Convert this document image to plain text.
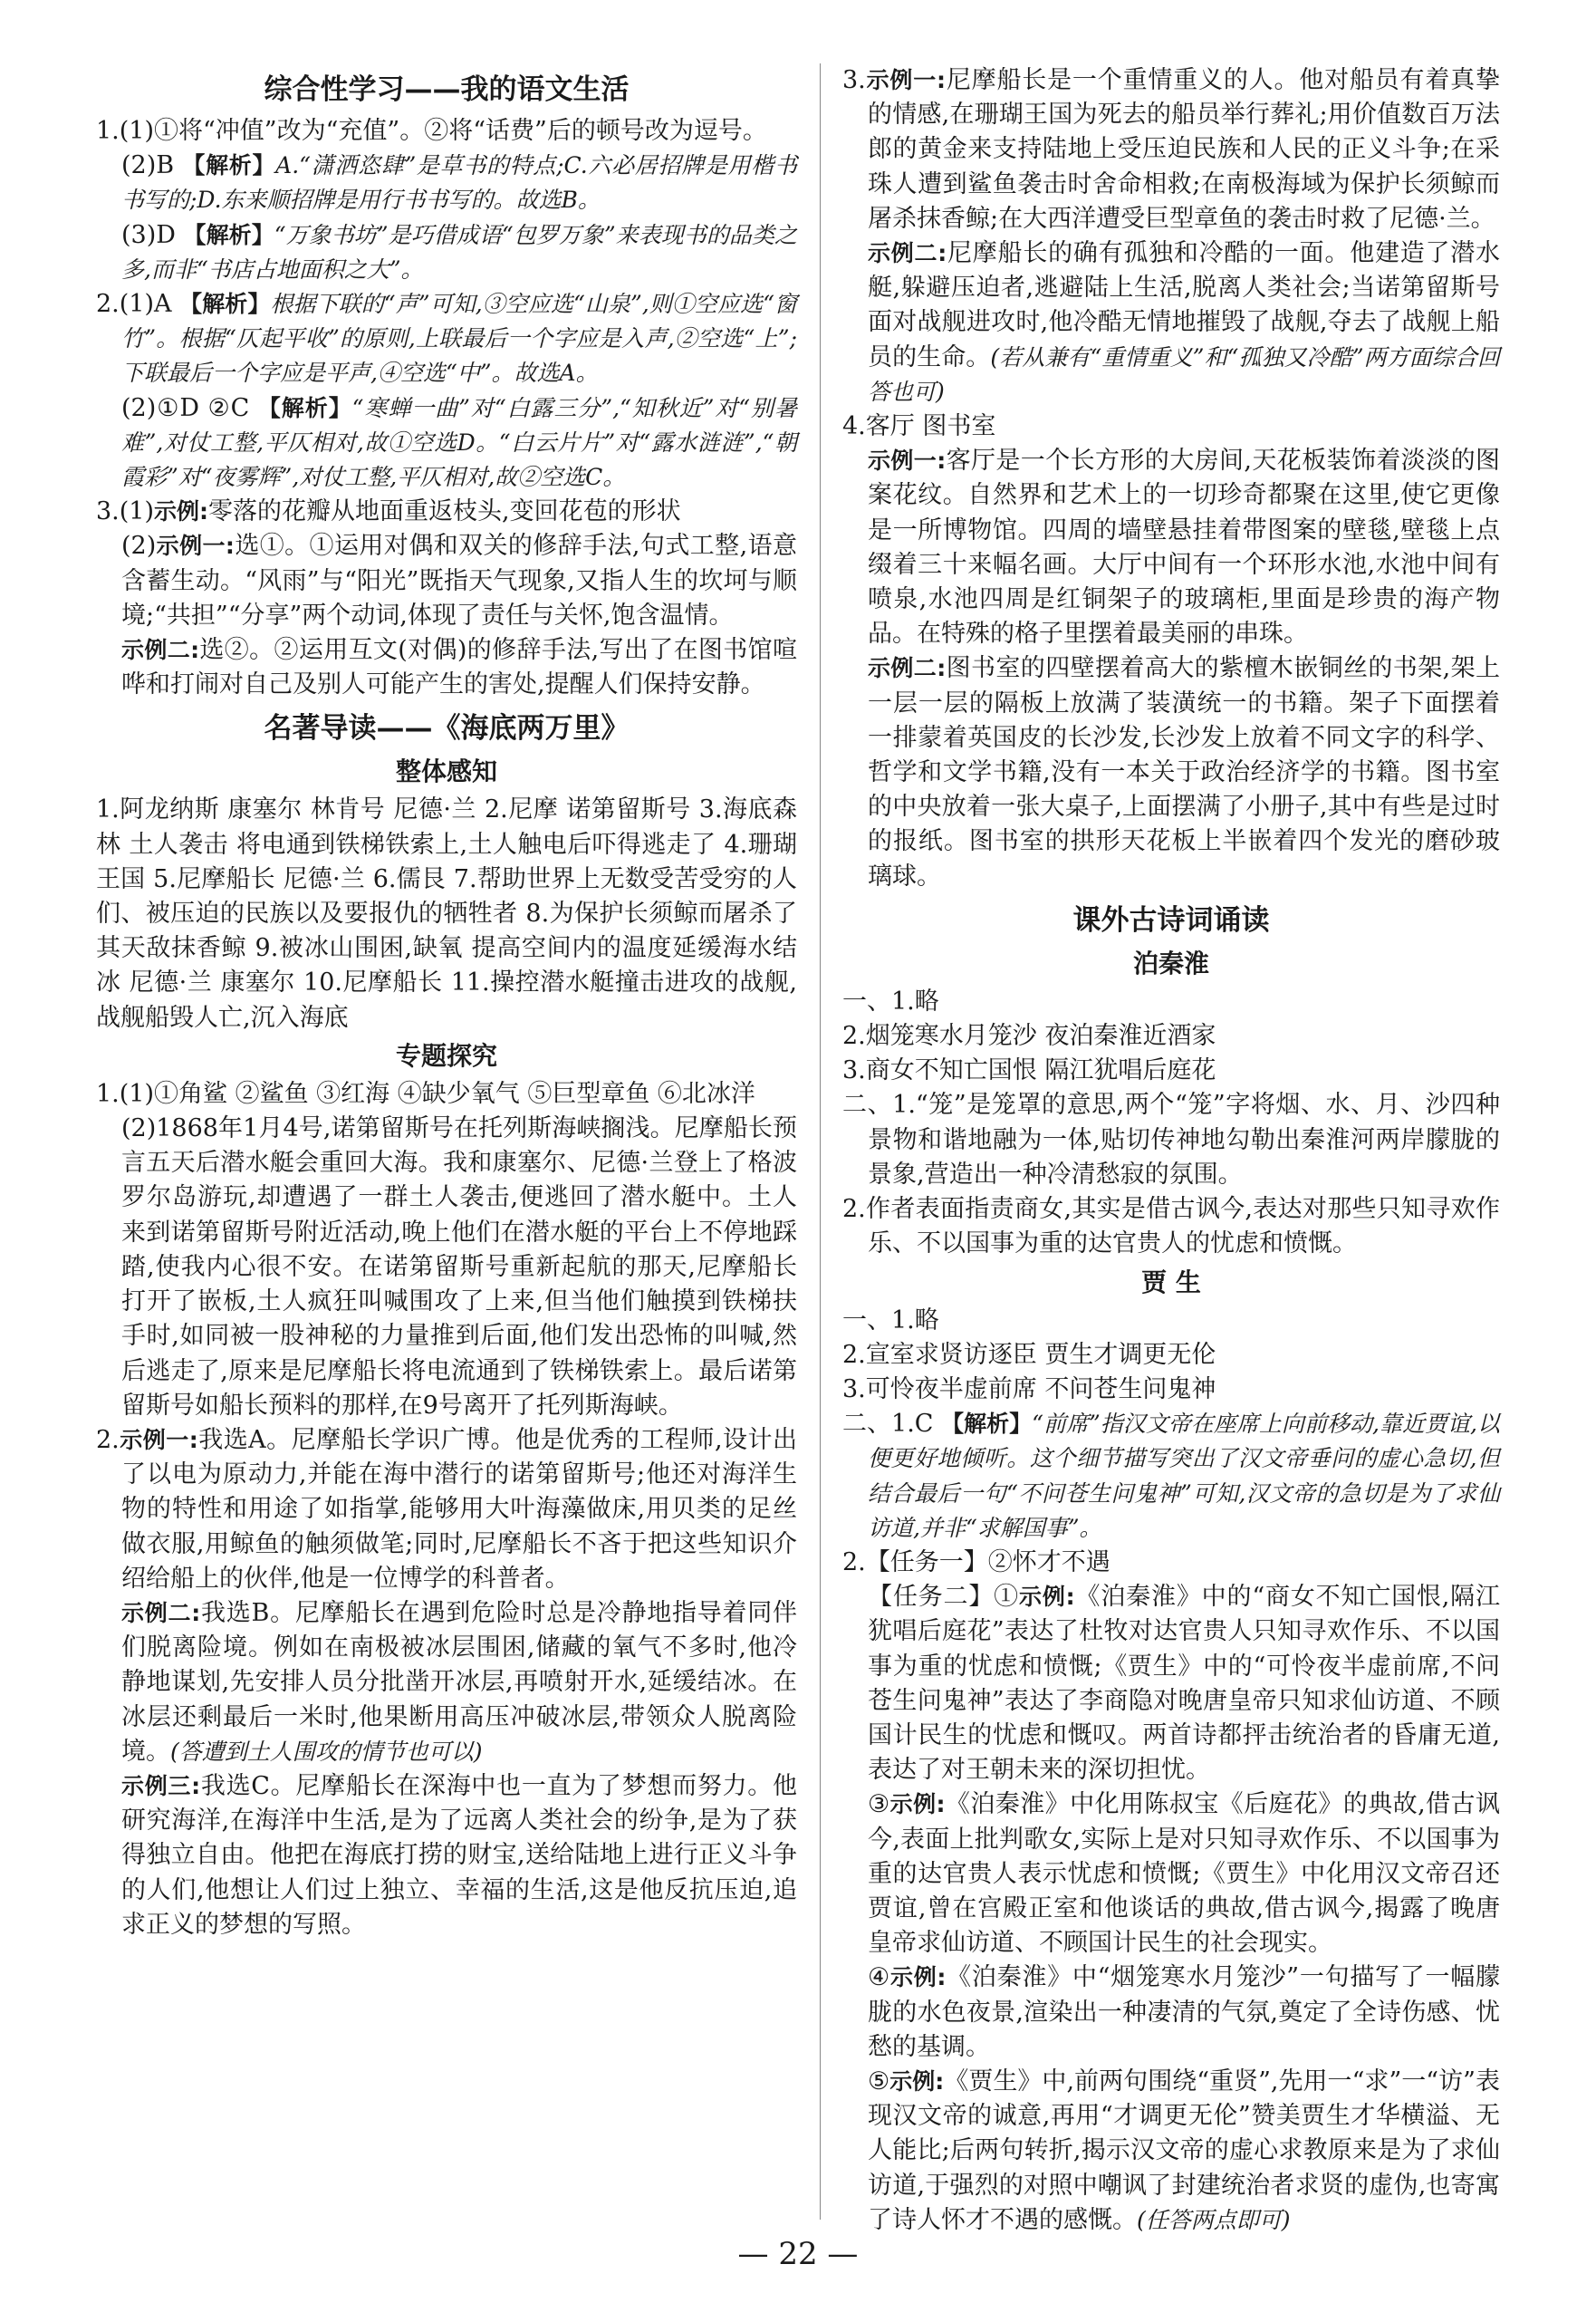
综合性学习——我的语文生活

1.(1)①将“冲值”改为“充值”。②将“话费”后的顿号改为逗号。

(2)B 【解析】A.“潇洒恣肆”是草书的特点;C.六必居招牌是用楷书书写的;D.东来顺招牌是用行书书写的。故选B。

(3)D 【解析】“万象书坊”是巧借成语“包罗万象”来表现书的品类之多,而非“书店占地面积之大”。

2.(1)A 【解析】根据下联的“声”可知,③空应选“山泉”,则①空应选“窗竹”。根据“仄起平收”的原则,上联最后一个字应是入声,②空选“上”;下联最后一个字应是平声,④空选“中”。故选A。

(2)①D ②C 【解析】“寒蝉一曲”对“白露三分”,“知秋近”对“别暑难”,对仗工整,平仄相对,故①空选D。“白云片片”对“露水涟涟”,“朝霞彩”对“夜雾辉”,对仗工整,平仄相对,故②空选C。

3.(1)示例:零落的花瓣从地面重返枝头,变回花苞的形状

(2)示例一:选①。①运用对偶和双关的修辞手法,句式工整,语意含蓄生动。“风雨”与“阳光”既指天气现象,又指人生的坎坷与顺境;“共担”“分享”两个动词,体现了责任与关怀,饱含温情。

示例二:选②。②运用互文(对偶)的修辞手法,写出了在图书馆喧哗和打闹对自己及别人可能产生的害处,提醒人们保持安静。

名著导读——《海底两万里》
整体感知

1.阿龙纳斯 康塞尔 林肯号 尼德·兰 2.尼摩 诺第留斯号 3.海底森林 土人袭击 将电通到铁梯铁索上,土人触电后吓得逃走了 4.珊瑚王国 5.尼摩船长 尼德·兰 6.儒艮 7.帮助世界上无数受苦受穷的人们、被压迫的民族以及要报仇的牺牲者 8.为保护长须鲸而屠杀了其天敌抹香鲸 9.被冰山围困,缺氧 提高空间内的温度延缓海水结冰 尼德·兰 康塞尔 10.尼摩船长 11.操控潜水艇撞击进攻的战舰,战舰船毁人亡,沉入海底

专题探究

1.(1)①角鲨 ②鲨鱼 ③红海 ④缺少氧气 ⑤巨型章鱼 ⑥北冰洋

(2)1868年1月4号,诺第留斯号在托列斯海峡搁浅。尼摩船长预言五天后潜水艇会重回大海。我和康塞尔、尼德·兰登上了格波罗尔岛游玩,却遭遇了一群土人袭击,便逃回了潜水艇中。土人来到诺第留斯号附近活动,晚上他们在潜水艇的平台上不停地踩踏,使我内心很不安。在诺第留斯号重新起航的那天,尼摩船长打开了嵌板,土人疯狂叫喊围攻了上来,但当他们触摸到铁梯扶手时,如同被一股神秘的力量推到后面,他们发出恐怖的叫喊,然后逃走了,原来是尼摩船长将电流通到了铁梯铁索上。最后诺第留斯号如船长预料的那样,在9号离开了托列斯海峡。

2.示例一:我选A。尼摩船长学识广博。他是优秀的工程师,设计出了以电为原动力,并能在海中潜行的诺第留斯号;他还对海洋生物的特性和用途了如指掌,能够用大叶海藻做床,用贝类的足丝做衣服,用鲸鱼的触须做笔;同时,尼摩船长不吝于把这些知识介绍给船上的伙伴,他是一位博学的科普者。

示例二:我选B。尼摩船长在遇到危险时总是冷静地指导着同伴们脱离险境。例如在南极被冰层围困,储藏的氧气不多时,他冷静地谋划,先安排人员分批凿开冰层,再喷射开水,延缓结冰。在冰层还剩最后一米时,他果断用高压冲破冰层,带领众人脱离险境。(答遭到土人围攻的情节也可以)

示例三:我选C。尼摩船长在深海中也一直为了梦想而努力。他研究海洋,在海洋中生活,是为了远离人类社会的纷争,是为了获得独立自由。他把在海底打捞的财宝,送给陆地上进行正义斗争的人们,他想让人们过上独立、幸福的生活,这是他反抗压迫,追求正义的梦想的写照。

3.示例一:尼摩船长是一个重情重义的人。他对船员有着真挚的情感,在珊瑚王国为死去的船员举行葬礼;用价值数百万法郎的黄金来支持陆地上受压迫民族和人民的正义斗争;在采珠人遭到鲨鱼袭击时舍命相救;在南极海域为保护长须鲸而屠杀抹香鲸;在大西洋遭受巨型章鱼的袭击时救了尼德·兰。

示例二:尼摩船长的确有孤独和冷酷的一面。他建造了潜水艇,躲避压迫者,逃避陆上生活,脱离人类社会;当诺第留斯号面对战舰进攻时,他冷酷无情地摧毁了战舰,夺去了战舰上船员的生命。(若从兼有“重情重义”和“孤独又冷酷”两方面综合回答也可)

4.客厅 图书室

示例一:客厅是一个长方形的大房间,天花板装饰着淡淡的图案花纹。自然界和艺术上的一切珍奇都聚在这里,使它更像是一所博物馆。四周的墙壁悬挂着带图案的壁毯,壁毯上点缀着三十来幅名画。大厅中间有一个环形水池,水池中间有喷泉,水池四周是红铜架子的玻璃柜,里面是珍贵的海产物品。在特殊的格子里摆着最美丽的串珠。

示例二:图书室的四壁摆着高大的紫檀木嵌铜丝的书架,架上一层一层的隔板上放满了装潢统一的书籍。架子下面摆着一排蒙着英国皮的长沙发,长沙发上放着不同文字的科学、哲学和文学书籍,没有一本关于政治经济学的书籍。图书室的中央放着一张大桌子,上面摆满了小册子,其中有些是过时的报纸。图书室的拱形天花板上半嵌着四个发光的磨砂玻璃球。

课外古诗词诵读
泊秦淮

一、1.略

2.烟笼寒水月笼沙 夜泊秦淮近酒家

3.商女不知亡国恨 隔江犹唱后庭花

二、1.“笼”是笼罩的意思,两个“笼”字将烟、水、月、沙四种景物和谐地融为一体,贴切传神地勾勒出秦淮河两岸朦胧的景象,营造出一种冷清愁寂的氛围。

2.作者表面指责商女,其实是借古讽今,表达对那些只知寻欢作乐、不以国事为重的达官贵人的忧虑和愤慨。

贾 生

一、1.略

2.宣室求贤访逐臣 贾生才调更无伦

3.可怜夜半虚前席 不问苍生问鬼神

二、1.C 【解析】“前席”指汉文帝在座席上向前移动,靠近贾谊,以便更好地倾听。这个细节描写突出了汉文帝垂问的虚心急切,但结合最后一句“不问苍生问鬼神”可知,汉文帝的急切是为了求仙访道,并非“求解国事”。

2.【任务一】②怀才不遇

【任务二】①示例:《泊秦淮》中的“商女不知亡国恨,隔江犹唱后庭花”表达了杜牧对达官贵人只知寻欢作乐、不以国事为重的忧虑和愤慨;《贾生》中的“可怜夜半虚前席,不问苍生问鬼神”表达了李商隐对晚唐皇帝只知求仙访道、不顾国计民生的忧虑和慨叹。两首诗都抨击统治者的昏庸无道,表达了对王朝未来的深切担忧。

③示例:《泊秦淮》中化用陈叔宝《后庭花》的典故,借古讽今,表面上批判歌女,实际上是对只知寻欢作乐、不以国事为重的达官贵人表示忧虑和愤慨;《贾生》中化用汉文帝召还贾谊,曾在宫殿正室和他谈话的典故,借古讽今,揭露了晚唐皇帝求仙访道、不顾国计民生的社会现实。

④示例:《泊秦淮》中“烟笼寒水月笼沙”一句描写了一幅朦胧的水色夜景,渲染出一种凄清的气氛,奠定了全诗伤感、忧愁的基调。

⑤示例:《贾生》中,前两句围绕“重贤”,先用一“求”一“访”表现汉文帝的诚意,再用“才调更无伦”赞美贾生才华横溢、无人能比;后两句转折,揭示汉文帝的虚心求教原来是为了求仙访道,于强烈的对照中嘲讽了封建统治者求贤的虚伪,也寄寓了诗人怀才不遇的感慨。(任答两点即可)

— 22 —
